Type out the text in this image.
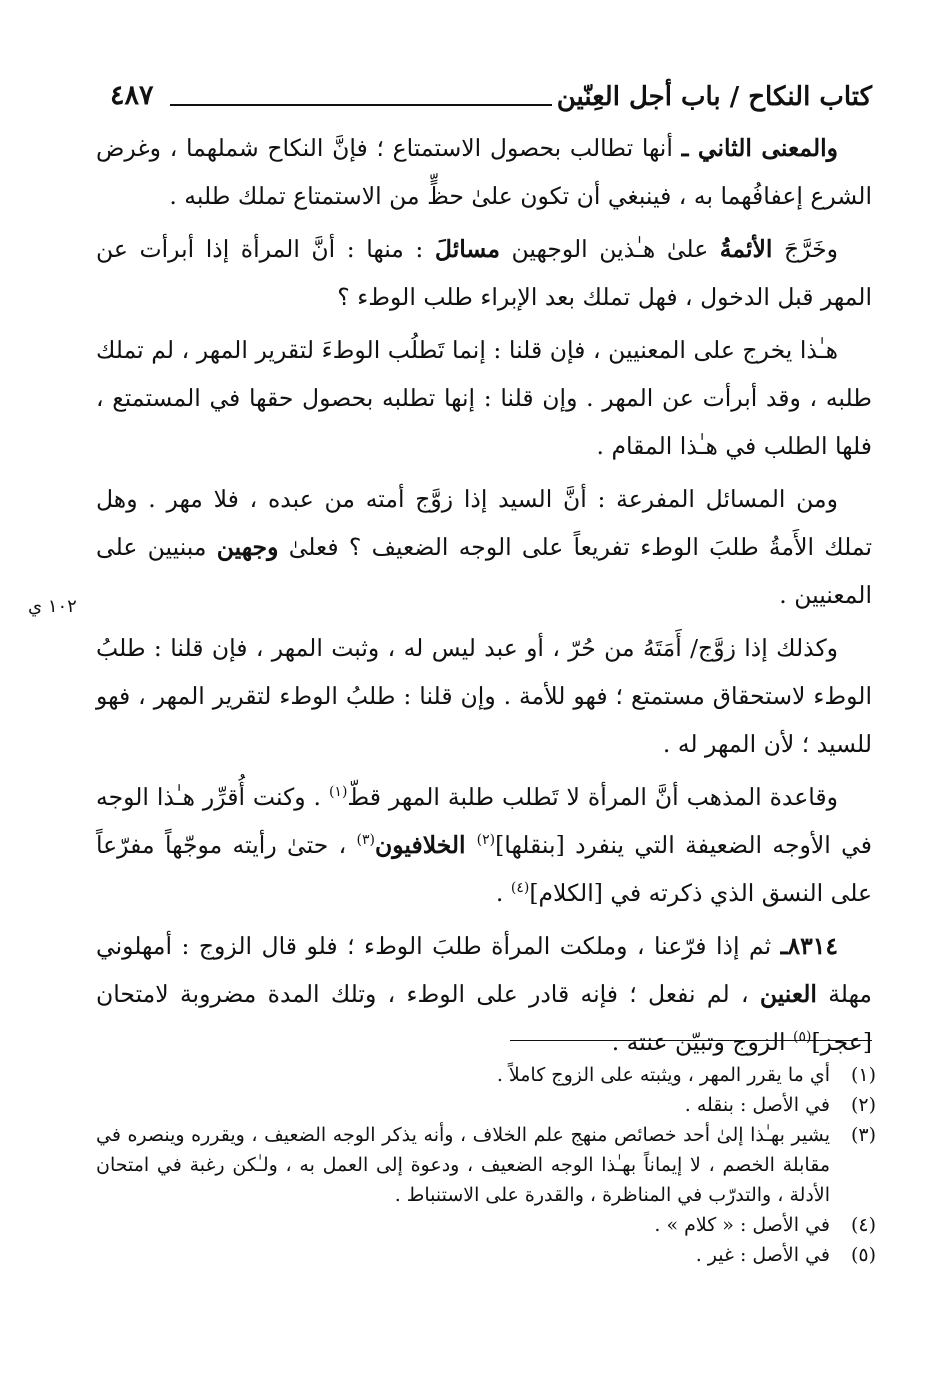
كتاب النكاح / باب أجل العِنّين
٤٨٧
١٠٢ ي

والمعنى الثاني ـ أنها تطالب بحصول الاستمتاع ؛ فإنَّ النكاح شملهما ، وغرض الشرع إعفافُهما به ، فينبغي أن تكون علىٰ حظٍّ من الاستمتاع تملك طلبه .

وخَرَّجَ الأئمةُ علىٰ هـٰذين الوجهين مسائلَ : منها : أنَّ المرأة إذا أبرأت عن المهر قبل الدخول ، فهل تملك بعد الإبراء طلب الوطء ؟

هـٰذا يخرج على المعنيين ، فإن قلنا : إنما تَطلُب الوطءَ لتقرير المهر ، لم تملك طلبه ، وقد أبرأت عن المهر . وإن قلنا : إنها تطلبه بحصول حقها في المستمتع ، فلها الطلب في هـٰذا المقام .

ومن المسائل المفرعة : أنَّ السيد إذا زوَّج أمته من عبده ، فلا مهر . وهل تملك الأَمةُ طلبَ الوطء تفريعاً على الوجه الضعيف ؟ فعلىٰ وجهين مبنيين على المعنيين .

وكذلك إذا زوَّج/ أَمَتَهُ من حُرّ ، أو عبد ليس له ، وثبت المهر ، فإن قلنا : طلبُ الوطء لاستحقاق مستمتع ؛ فهو للأمة . وإن قلنا : طلبُ الوطء لتقرير المهر ، فهو للسيد ؛ لأن المهر له .

وقاعدة المذهب أنَّ المرأة لا تَطلب طلبة المهر قطّ$^{(١)}$ . وكنت أُقرِّر هـٰذا الوجه في الأوجه الضعيفة التي ينفرد [بنقلها]$^{(٢)}$ الخلافيون$^{(٣)}$ ، حتىٰ رأيته موجّهاً مفرّعاً على النسق الذي ذكرته في [الكلام]$^{(٤)}$ .

٨٣١٤ـ ثم إذا فرّعنا ، وملكت المرأة طلبَ الوطء ؛ فلو قال الزوج : أمهلوني مهلة العنين ، لم نفعل ؛ فإنه قادر على الوطء ، وتلك المدة مضروبة لامتحان [عجز]$^{(٥)}$ الزوج وتبيّن عنته .

(١)
أي ما يقرر المهر ، ويثبته على الزوج كاملاً .
(٢)
في الأصل : بنقله .
(٣)
يشير بهـٰذا إلىٰ أحد خصائص منهج علم الخلاف ، وأنه يذكر الوجه الضعيف ، ويقرره وينصره في مقابلة الخصم ، لا إيماناً بهـٰذا الوجه الضعيف ، ودعوة إلى العمل به ، ولـٰكن رغبة في امتحان الأدلة ، والتدرّب في المناظرة ، والقدرة على الاستنباط .
(٤)
في الأصل : « كلام » .
(٥)
في الأصل : غير .
